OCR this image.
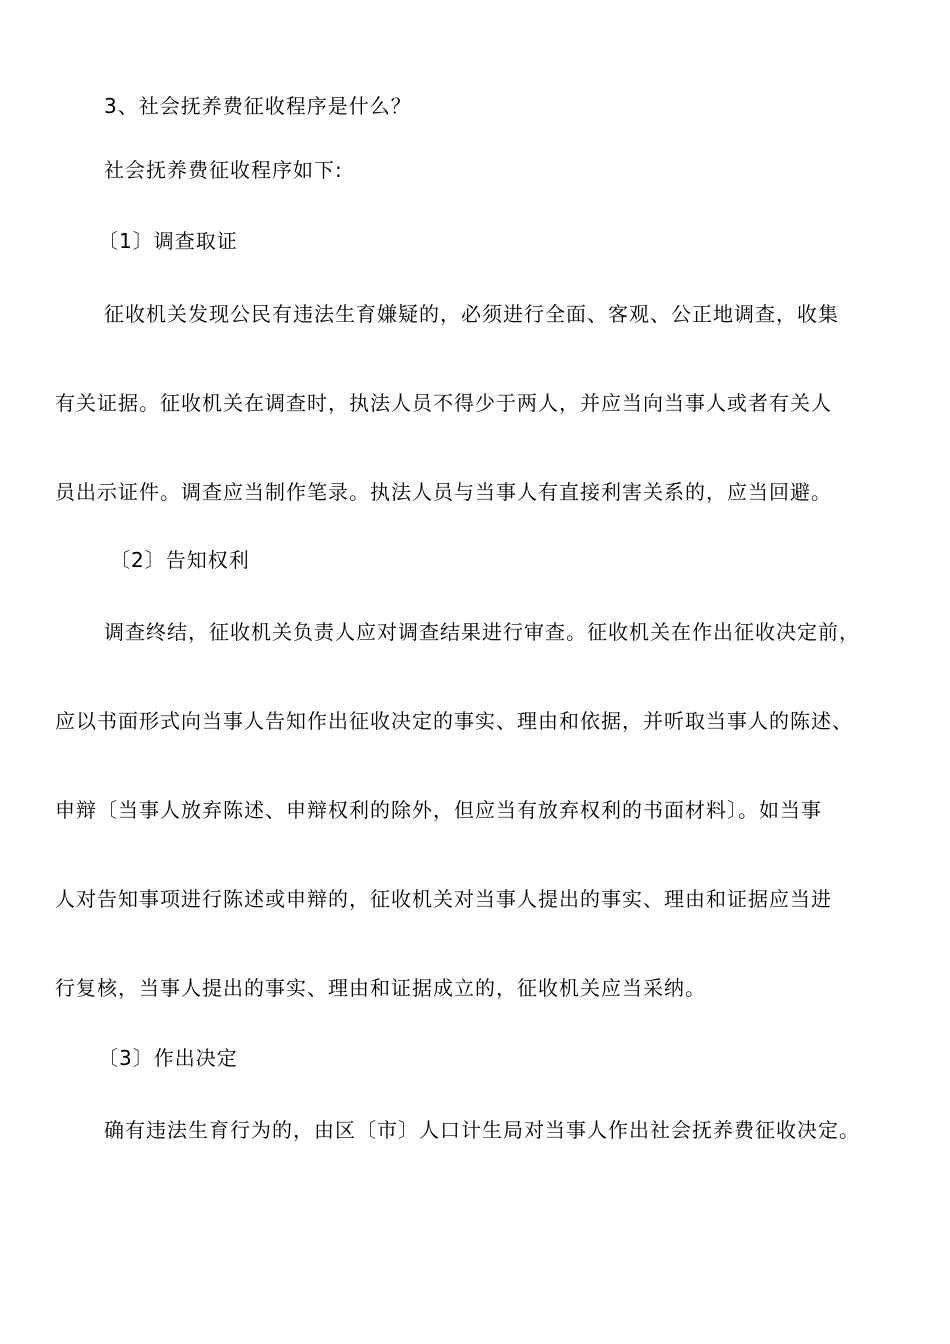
3、社会抚养费征收程序是什么？
社会抚养费征收程序如下:
〔1〕调查取证
征收机关发现公民有违法生育嫌疑的，必须进行全面、客观、公正地调查，收集
有关证据。征收机关在调查时，执法人员不得少于两人，并应当向当事人或者有关人
员出示证件。调查应当制作笔录。执法人员与当事人有直接利害关系的，应当回避。
〔2〕告知权利
调查终结，征收机关负责人应对调查结果进行审查。征收机关在作出征收决定前，
应以书面形式向当事人告知作出征收决定的事实、理由和依据，并听取当事人的陈述、
申辩〔当事人放弃陈述、申辩权利的除外，但应当有放弃权利的书面材料〕。如当事
人对告知事项进行陈述或申辩的，征收机关对当事人提出的事实、理由和证据应当进
行复核，当事人提出的事实、理由和证据成立的，征收机关应当采纳。
〔3〕作出决定
确有违法生育行为的，由区〔市〕人口计生局对当事人作出社会抚养费征收决定。
